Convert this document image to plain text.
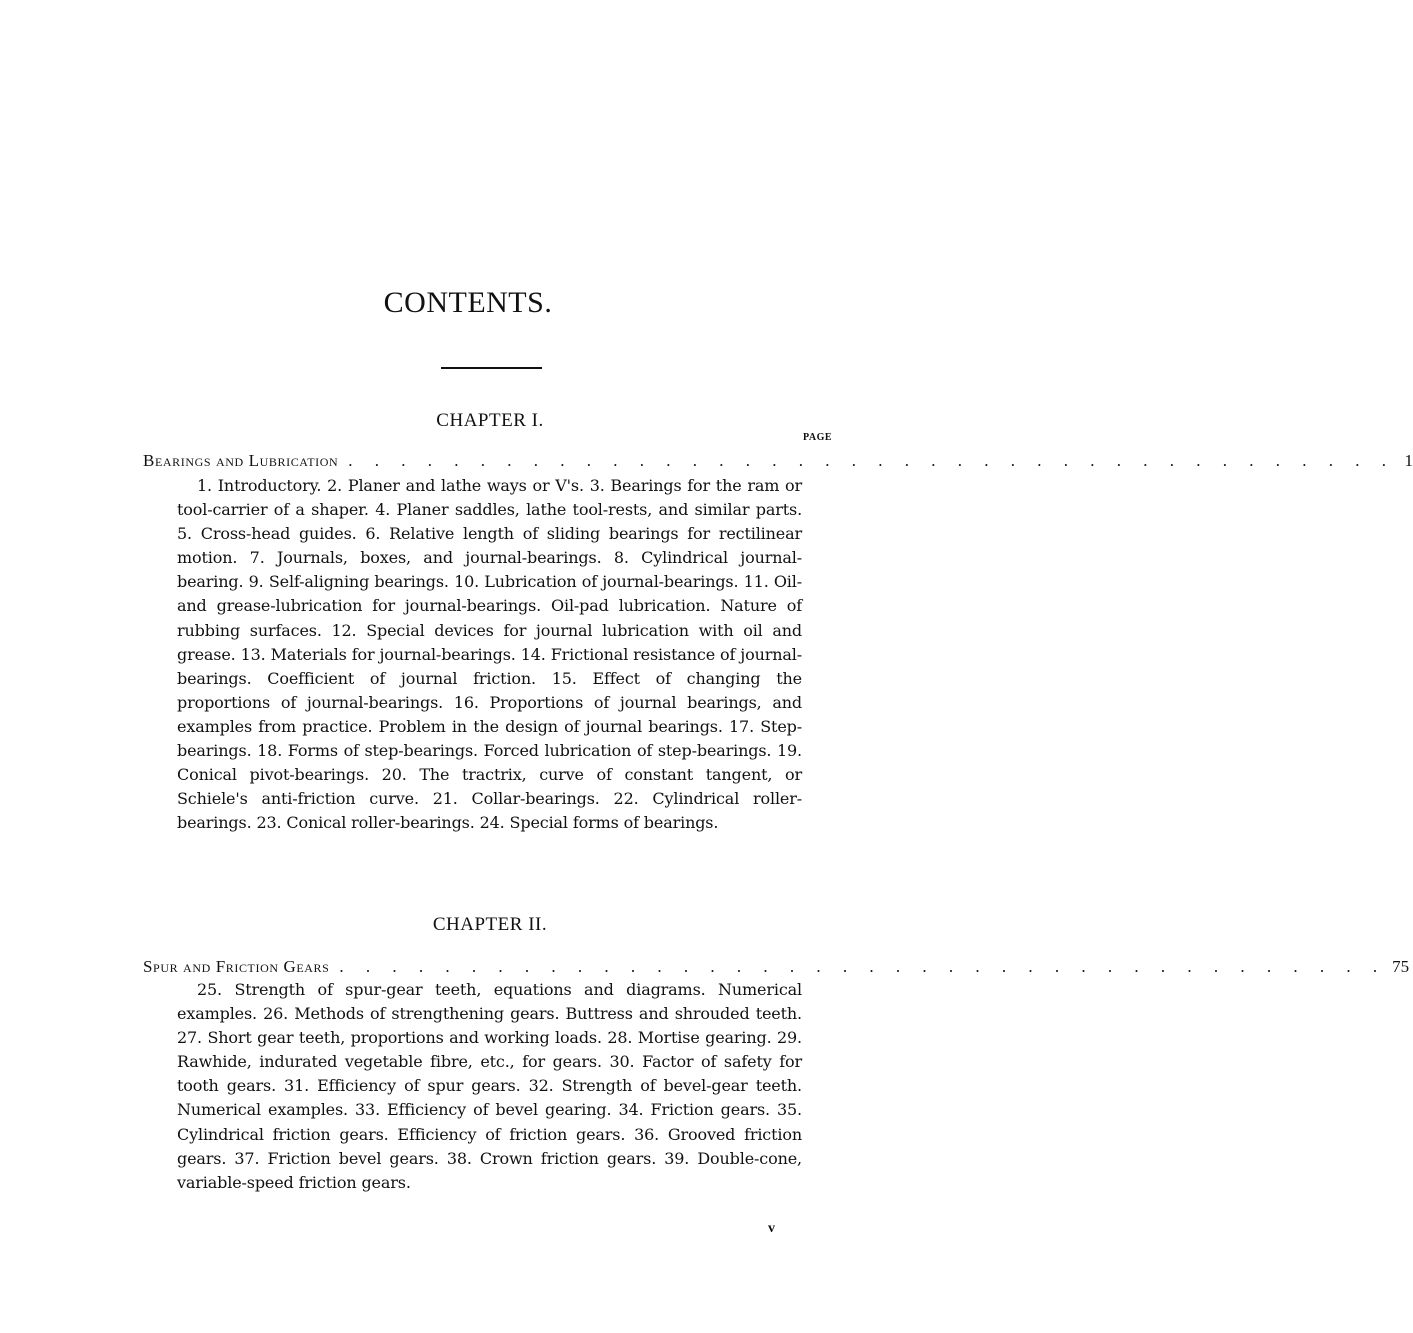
CONTENTS.
CHAPTER I.
PAGE
Bearings and Lubrication . . . . . . . . . . . . . . . . . . . . . . . . . . . . . . . . . . . . . . . . 1

1. Introductory. 2. Planer and lathe ways or V's. 3. Bearings for the ram or tool-carrier of a shaper. 4. Planer saddles, lathe tool-rests, and similar parts. 5. Cross-head guides. 6. Relative length of sliding bearings for rectilinear motion. 7. Journals, boxes, and journal-bearings. 8. Cylindrical journal-bearing. 9. Self-aligning bearings. 10. Lubrication of journal-bearings. 11. Oil- and grease-lubrication for journal-bearings. Oil-pad lubrication. Nature of rubbing surfaces. 12. Special devices for journal lubrication with oil and grease. 13. Materials for journal-bearings. 14. Frictional resistance of journal-bearings. Coefficient of journal friction. 15. Effect of changing the proportions of journal-bearings. 16. Proportions of journal bearings, and examples from practice. Problem in the design of journal bearings. 17. Step-bearings. 18. Forms of step-bearings. Forced lubrication of step-bearings. 19. Conical pivot-bearings. 20. The tractrix, curve of constant tangent, or Schiele's anti-friction curve. 21. Collar-bearings. 22. Cylindrical roller-bearings. 23. Conical roller-bearings. 24. Special forms of bearings.

CHAPTER II.
Spur and Friction Gears . . . . . . . . . . . . . . . . . . . . . . . . . . . . . . . . . . . . . . . . 75

25. Strength of spur-gear teeth, equations and diagrams. Numerical examples. 26. Methods of strengthening gears. Buttress and shrouded teeth. 27. Short gear teeth, proportions and working loads. 28. Mortise gearing. 29. Rawhide, indurated vegetable fibre, etc., for gears. 30. Factor of safety for tooth gears. 31. Efficiency of spur gears. 32. Strength of bevel-gear teeth. Numerical examples. 33. Efficiency of bevel gearing. 34. Friction gears. 35. Cylindrical friction gears. Efficiency of friction gears. 36. Grooved friction gears. 37. Friction bevel gears. 38. Crown friction gears. 39. Double-cone, variable-speed friction gears.

v
